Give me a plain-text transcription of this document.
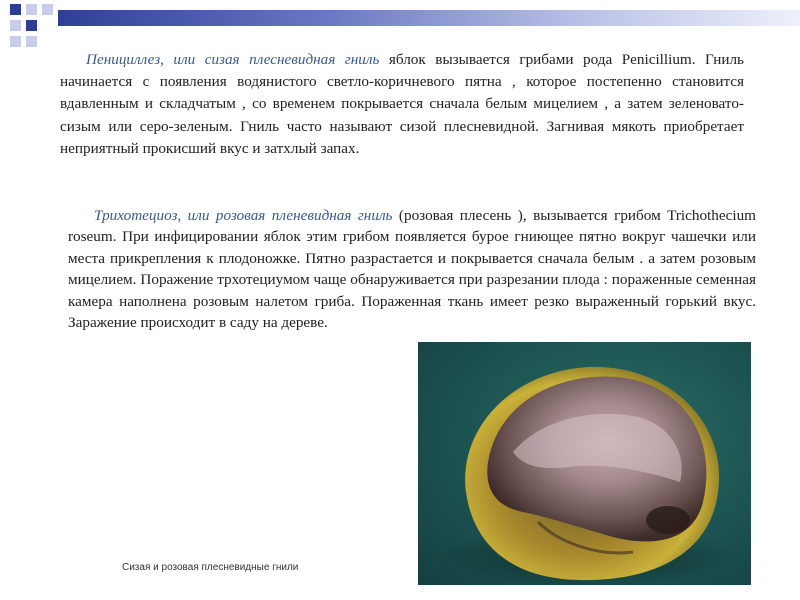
Пенициллез, или сизая плесневидная гниль яблок вызывается грибами рода Penicillium. Гниль начинается с появления водянистого светло-коричневого пятна , которое постепенно становится вдавленным и складчатым , со временем покрывается сначала белым мицелием , а затем зеленовато-сизым или серо-зеленым. Гниль часто называют сизой плесневидной. Загнивая мякоть приобретает неприятный прокисший вкус и затхлый запах.

Трихотециоз, или розовая пленевидная гниль (розовая плесень ), вызывается грибом Trichothecium roseum. При инфицировании яблок этим грибом появляется бурое гниющее пятно вокруг чашечки или места прикрепления к плодоножке. Пятно разрастается и покрывается сначала белым . а затем розовым мицелием. Поражение трхотециумом чаще обнаруживается при разрезании плода : пораженные семенная камера наполнена розовым налетом гриба. Пораженная ткань имеет резко выраженный горький вкус. Заражение происходит в саду на дереве.

Сизая и розовая плесневидные гнили
